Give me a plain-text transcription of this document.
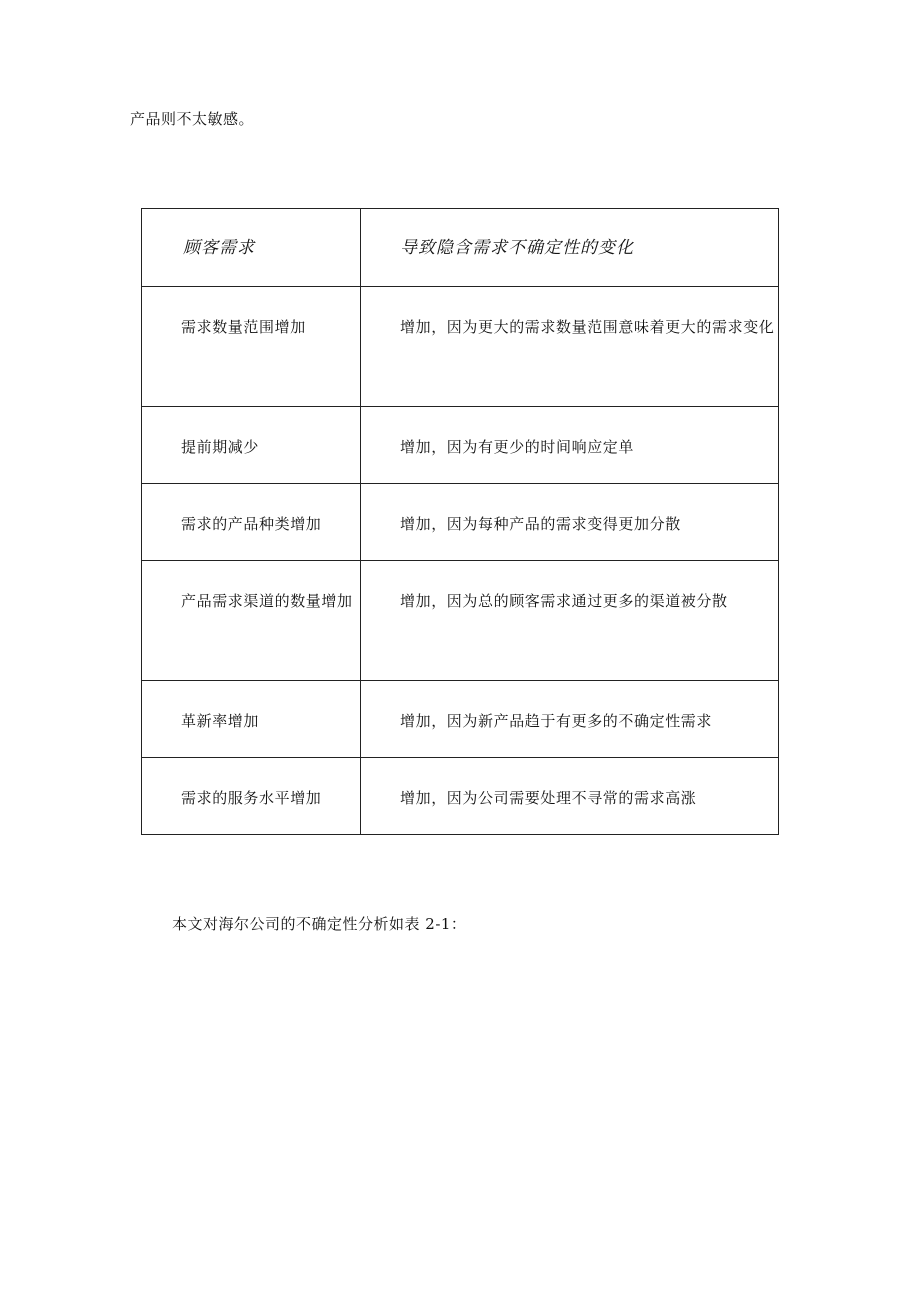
产品则不太敏感。
顾客需求	导致隐含需求不确定性的变化

需求数量范围增加	增加，因为更大的需求数量范围意味着更大的需求变化

提前期减少	增加，因为有更少的时间响应定单

需求的产品种类增加	增加，因为每种产品的需求变得更加分散

产品需求渠道的数量增加	增加，因为总的顾客需求通过更多的渠道被分散

革新率增加	增加，因为新产品趋于有更多的不确定性需求

需求的服务水平增加	增加，因为公司需要处理不寻常的需求高涨
本文对海尔公司的不确定性分析如表 2-1：
